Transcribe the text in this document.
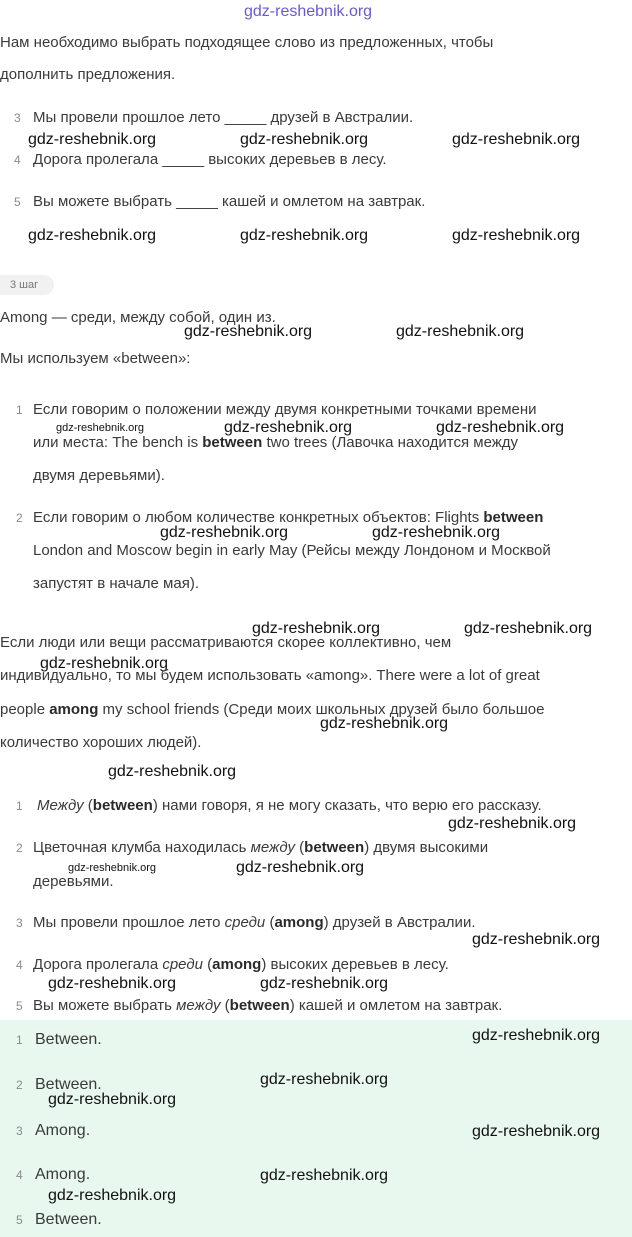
gdz-reshebnik.org
Нам необходимо выбрать подходящее слово из предложенных, чтобы
дополнить предложения.
3 Мы провели прошлое лето _____ друзей в Австралии.
gdz-reshebnik.org	gdz-reshebnik.org	gdz-reshebnik.org
4 Дорога пролегала _____ высоких деревьев в лесу.
5 Вы можете выбрать _____ кашей и омлетом на завтрак.
gdz-reshebnik.org	gdz-reshebnik.org	gdz-reshebnik.org
3 шаг
Among — среди, между собой, один из.
gdz-reshebnik.org	gdz-reshebnik.org
Мы используем «between»:
1 Если говорим о положении между двумя конкретными точками времени
gdz-reshebnik.org	gdz-reshebnik.org	gdz-reshebnik.org
или места: The bench is between two trees (Лавочка находится между
двумя деревьями).
2 Если говорим о любом количестве конкретных объектов: Flights between
gdz-reshebnik.org	gdz-reshebnik.org
London and Moscow begin in early May (Рейсы между Лондоном и Москвой
запустят в начале мая).
gdz-reshebnik.org	gdz-reshebnik.org
Если люди или вещи рассматриваются скорее коллективно, чем
gdz-reshebnik.org
индивидуально, то мы будем использовать «among». There were a lot of great
people among my school friends (Среди моих школьных друзей было большое
gdz-reshebnik.org
количество хороших людей).
gdz-reshebnik.org
1 Между (between) нами говоря, я не могу сказать, что верю его рассказу.
gdz-reshebnik.org
2 Цветочная клумба находилась между (between) двумя высокими
gdz-reshebnik.org	gdz-reshebnik.org
деревьями.
3 Мы провели прошлое лето среди (among) друзей в Австралии.
gdz-reshebnik.org
4 Дорога пролегала среди (among) высоких деревьев в лесу.
gdz-reshebnik.org	gdz-reshebnik.org
5 Вы можете выбрать между (between) кашей и омлетом на завтрак.
1 Between.	gdz-reshebnik.org
gdz-reshebnik.org
2 Between.
gdz-reshebnik.org
3 Among.	gdz-reshebnik.org
4 Among.	gdz-reshebnik.org
gdz-reshebnik.org
5 Between.
